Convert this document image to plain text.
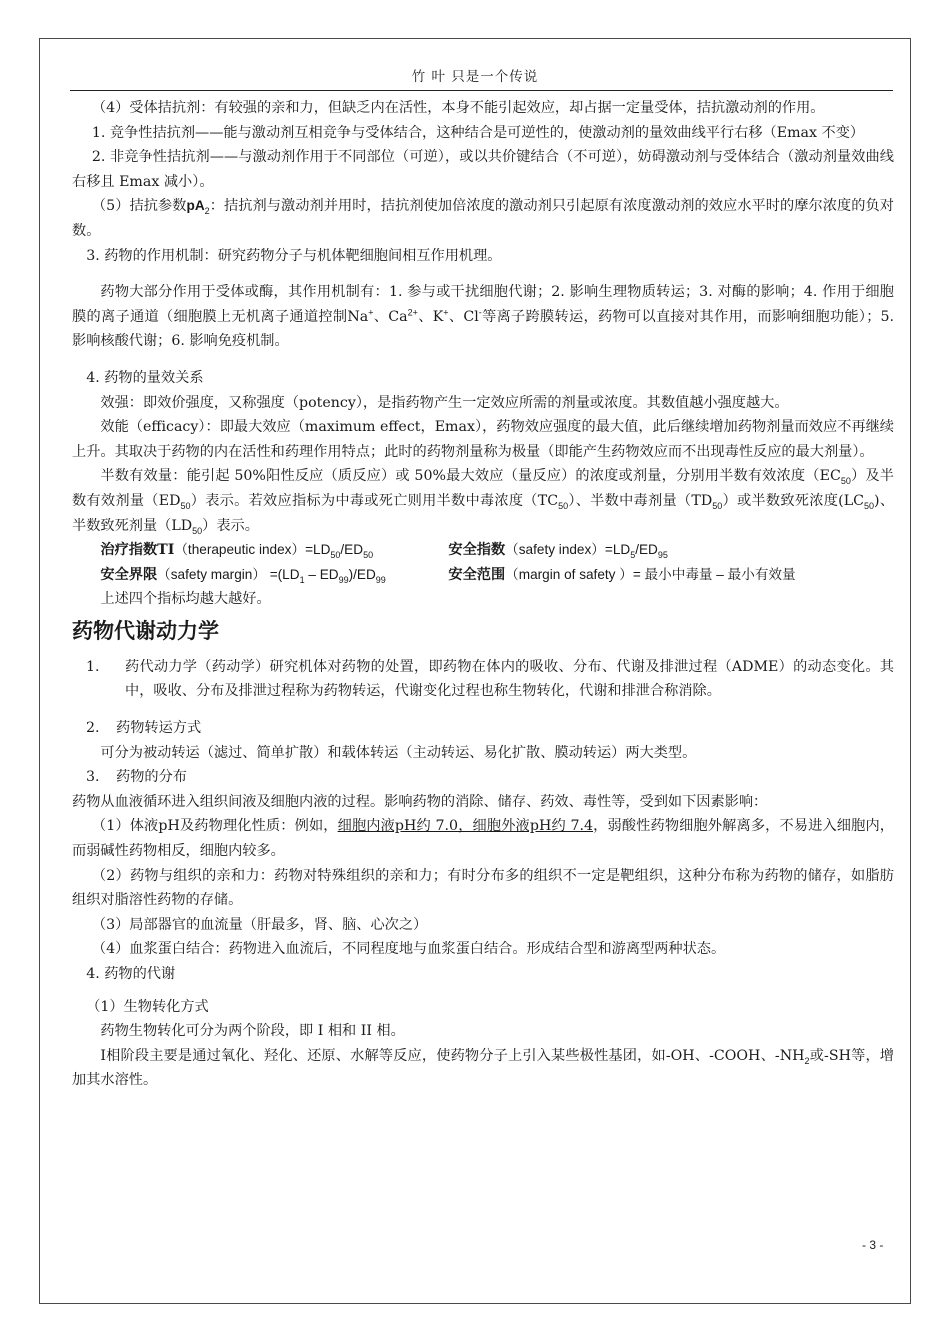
竹 叶 只是一个传说

（4）受体拮抗剂：有较强的亲和力，但缺乏内在活性，本身不能引起效应，却占据一定量受体，拮抗激动剂的作用。

1. 竞争性拮抗剂——能与激动剂互相竞争与受体结合，这种结合是可逆性的，使激动剂的量效曲线平行右移（Emax 不变）

2. 非竞争性拮抗剂——与激动剂作用于不同部位（可逆），或以共价键结合（不可逆），妨碍激动剂与受体结合（激动剂量效曲线右移且 Emax 减小）。

（5）拮抗参数$pA_2$：拮抗剂与激动剂并用时，拮抗剂使加倍浓度的激动剂只引起原有浓度激动剂的效应水平时的摩尔浓度的负对数。

3. 药物的作用机制：研究药物分子与机体靶细胞间相互作用机理。

药物大部分作用于受体或酶，其作用机制有：1. 参与或干扰细胞代谢；2. 影响生理物质转运；3. 对酶的影响；4. 作用于细胞膜的离子通道（细胞膜上无机离子通道控制Na+、$Ca^{2+}$、K+、Cl-等离子跨膜转运，药物可以直接对其作用，而影响细胞功能）；5. 影响核酸代谢；6. 影响免疫机制。

4. 药物的量效关系

效强：即效价强度，又称强度（potency），是指药物产生一定效应所需的剂量或浓度。其数值越小强度越大。

效能（efficacy）：即最大效应（maximum effect，Emax），药物效应强度的最大值，此后继续增加药物剂量而效应不再继续上升。其取决于药物的内在活性和药理作用特点；此时的药物剂量称为极量（即能产生药物效应而不出现毒性反应的最大剂量）。

半数有效量：能引起 50%阳性反应（质反应）或 50%最大效应（量反应）的浓度或剂量，分别用半数有效浓度$(EC_{50})$及半数有效剂量$(ED_{50})$表示。若效应指标为中毒或死亡则用半数中毒浓度$(TC_{50})$、半数中毒剂量$(TD_{50})$或半数致死浓度$(LC_{50})$、半数致死剂量$(LD_{50})$表示。

治疗指数TI（therapeutic $index)=LD_{50}/ED_{50}$	安全指数（safety $index)=LD_5/ED_{95}$
安全界限（safety margin） $=(LD_1 - ED_{99})/ED_{99}$	安全范围（margin of safety ）= 最小中毒量 – 最小有效量

上述四个指标均越大越好。

药物代谢动力学
1.	药代动力学（药动学）研究机体对药物的处置，即药物在体内的吸收、分布、代谢及排泄过程（ADME）的动态变化。其中，吸收、分布及排泄过程称为药物转运，代谢变化过程也称生物转化，代谢和排泄合称消除。

2. 药物转运方式

可分为被动转运（滤过、简单扩散）和载体转运（主动转运、易化扩散、膜动转运）两大类型。

3. 药物的分布

药物从血液循环进入组织间液及细胞内液的过程。影响药物的消除、储存、药效、毒性等，受到如下因素影响：

（1）体液pH及药物理化性质：例如，细胞内液pH约 7.0，细胞外液pH约 7.4，弱酸性药物细胞外解离多，不易进入细胞内，而弱碱性药物相反，细胞内较多。

（2）药物与组织的亲和力：药物对特殊组织的亲和力；有时分布多的组织不一定是靶组织，这种分布称为药物的储存，如脂肪组织对脂溶性药物的存储。

（3）局部器官的血流量（肝最多，肾、脑、心次之）

（4）血浆蛋白结合：药物进入血流后，不同程度地与血浆蛋白结合。形成结合型和游离型两种状态。

4. 药物的代谢

（1）生物转化方式

药物生物转化可分为两个阶段，即 I 相和 II 相。

I相阶段主要是通过氧化、羟化、还原、水解等反应，使药物分子上引入某些极性基团，如-OH、-COOH、$-NH_2$或-SH等，增加其水溶性。

- 3 -
